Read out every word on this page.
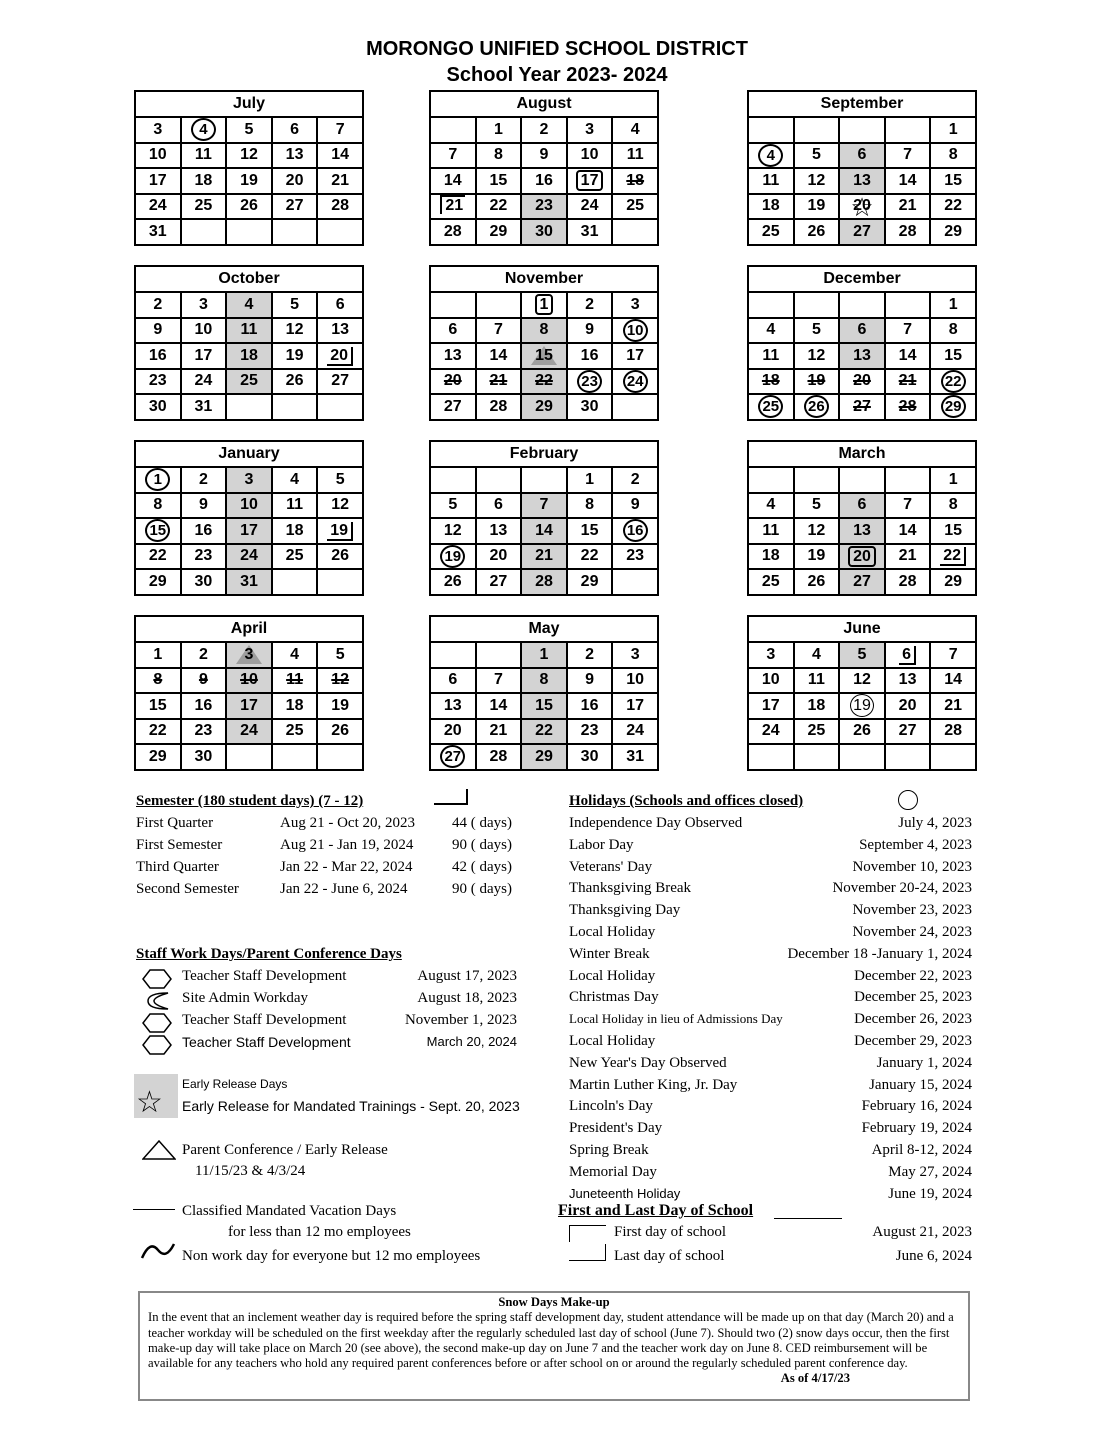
MORONGO UNIFIED SCHOOL DISTRICT
School Year 2023- 2024
July				
3	4	5	6	7
10	11	12	13	14
17	18	19	20	21
24	25	26	27	28
31				
August				
	1	2	3	4
7	8	9	10	11
14	15	16	17	18
21	22	23	24	25
28	29	30	31	
September				
				1
4	5	6	7	8
11	12	13	14	15
18	19	☆ 20	21	22
25	26	27	28	29
October				
2	3	4	5	6
9	10	11	12	13
16	17	18	19	20
23	24	25	26	27
30	31			
November				
		1	2	3
6	7	8	9	10
13	14	15	16	17
20	21	22	23	24
27	28	29	30	
December				
				1
4	5	6	7	8
11	12	13	14	15
18	19	20	21	22
25	26	27	28	29
January				
1	2	3	4	5
8	9	10	11	12
15	16	17	18	19
22	23	24	25	26
29	30	31		
February				
			1	2
5	6	7	8	9
12	13	14	15	16
19	20	21	22	23
26	27	28	29	
March				
				1
4	5	6	7	8
11	12	13	14	15
18	19	20	21	22
25	26	27	28	29
April				
1	2	3	4	5
8	9	10	11	12
15	16	17	18	19
22	23	24	25	26
29	30			
May				
		1	2	3
6	7	8	9	10
13	14	15	16	17
20	21	22	23	24
27	28	29	30	31
June				
3	4	5	6	7
10	11	12	13	14
17	18	19	20	21
24	25	26	27	28

Semester (180 student days) (7 - 12)
First Quarter	Aug 21 - Oct 20, 2023 44 ( days)
First Semester	Aug 21 - Jan 19, 2024	90 ( days)
Third Quarter	Jan 22 - Mar 22, 2024	42 ( days)
Second Semester	Jan 22 - June 6, 2024	90 ( days)
Staff Work Days/Parent Conference Days
Teacher Staff Development	August 17, 2023
Site Admin Workday	August 18, 2023
Teacher Staff Development	November 1, 2023
Teacher Staff Development	March 20, 2024
Early Release Days
☆ Early Release for Mandated Trainings - Sept. 20, 2023
Parent Conference / Early Release
11/15/23 & 4/3/24
Classified Mandated Vacation Days
for less than 12 mo employees
Non work day for everyone but 12 mo employees
Holidays (Schools and offices closed)
Independence Day Observed	July 4, 2023
Labor Day	September 4, 2023
Veterans' Day	November 10, 2023
Thanksgiving Break	November 20-24, 2023
Thanksgiving Day	November 23, 2023
Local Holiday	November 24, 2023
Winter Break	December 18 -January 1, 2024
Local Holiday	December 22, 2023
Christmas Day	December 25, 2023
Local Holiday in lieu of Admissions Day	December 26, 2023
Local Holiday	December 29, 2023
New Year's Day Observed	January 1, 2024
Martin Luther King, Jr. Day	January 15, 2024
Lincoln's Day	February 16, 2024
President's Day	February 19, 2024
Spring Break	April 8-12, 2024
Memorial Day	May 27, 2024
Juneteenth Holiday	June 19, 2024
First and Last Day of School
First day of school	August 21, 2023
Last day of school	June 6, 2024
Snow Days Make-up
In the event that an inclement weather day is required before the spring staff development day, student attendance will be made up on that day (March 20) and a teacher workday will be scheduled on the first weekday after the regularly scheduled last day of school (June 7). Should two (2) snow days occur, then the first make-up day will take place on March 20 (see above), the second make-up day on June 7 and the teacher work day on June 8. CED reimbursement will be available for any teachers who hold any required parent conferences before or after school on or around the regularly scheduled parent conference day.
As of 4/17/23
